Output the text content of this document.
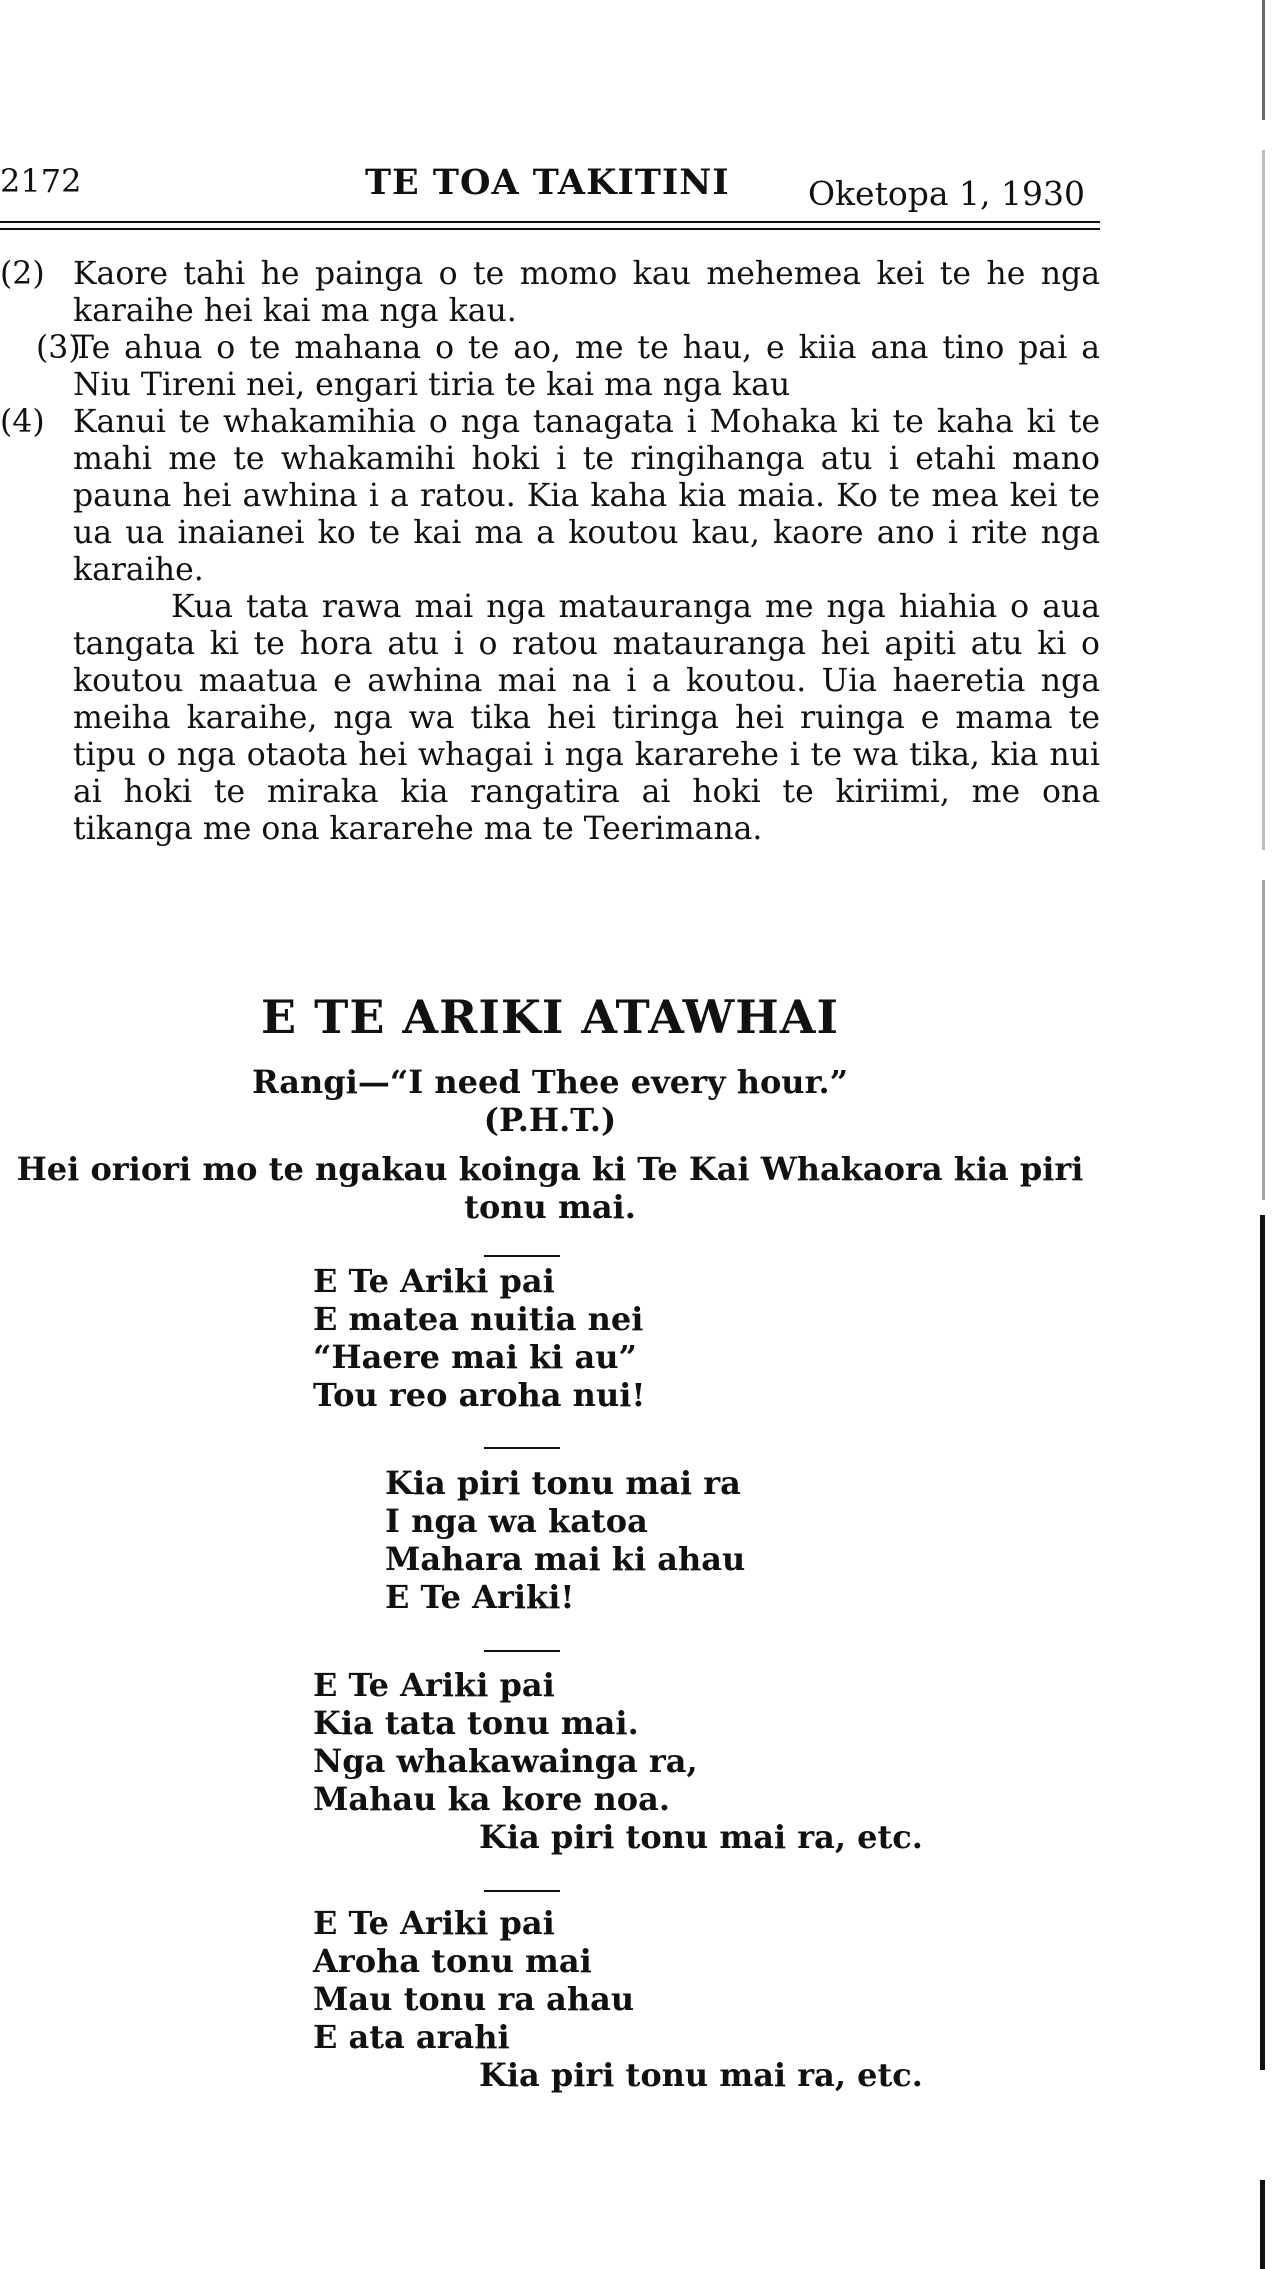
2172	TE TOA TAKITINI Oketopa 1, 1930
(2) Kaore tahi he painga o te momo kau mehemea kei te he nga karaihe hei kai ma nga kau.
(3)
Te ahua o te mahana o te ao, me te hau, e kiia ana tino pai a Niu Tireni nei, engari tiria te kai ma nga kau
(4) Kanui te whakamihia o nga tanagata i Mohaka ki te kaha ki te mahi me te whakamihi hoki i te ringihanga atu i etahi mano pauna hei awhina i a ratou. Kia kaha kia maia. Ko te mea kei te ua ua inaianei ko te kai ma a koutou kau, kaore ano i rite nga karaihe.
Kua tata rawa mai nga matauranga me nga hiahia o aua tangata ki te hora atu i o ratou matauranga hei apiti atu ki o koutou maatua e awhina mai na i a koutou. Uia haeretia nga meiha karaihe, nga wa tika hei tiringa hei ruinga e mama te tipu o nga otaota hei whagai i nga kararehe i te wa tika, kia nui ai hoki te miraka kia rangatira ai hoki te kiriimi, me ona tikanga me ona kararehe ma te Teerimana.
E TE ARIKI ATAWHAI
Rangi—“I need Thee every hour.”
(P.H.T.)
Hei oriori mo te ngakau koinga ki Te Kai Whakaora kia piri tonu mai.
E Te Ariki pai
E matea nuitia nei
“Haere mai ki au”
Tou reo aroha nui!
Kia piri tonu mai ra
I nga wa katoa
Mahara mai ki ahau
E Te Ariki!
E Te Ariki pai
Kia tata tonu mai.
Nga whakawainga ra,
Mahau ka kore noa.
Kia piri tonu mai ra, etc.
E Te Ariki pai
Aroha tonu mai
Mau tonu ra ahau
E ata arahi
Kia piri tonu mai ra, etc.
